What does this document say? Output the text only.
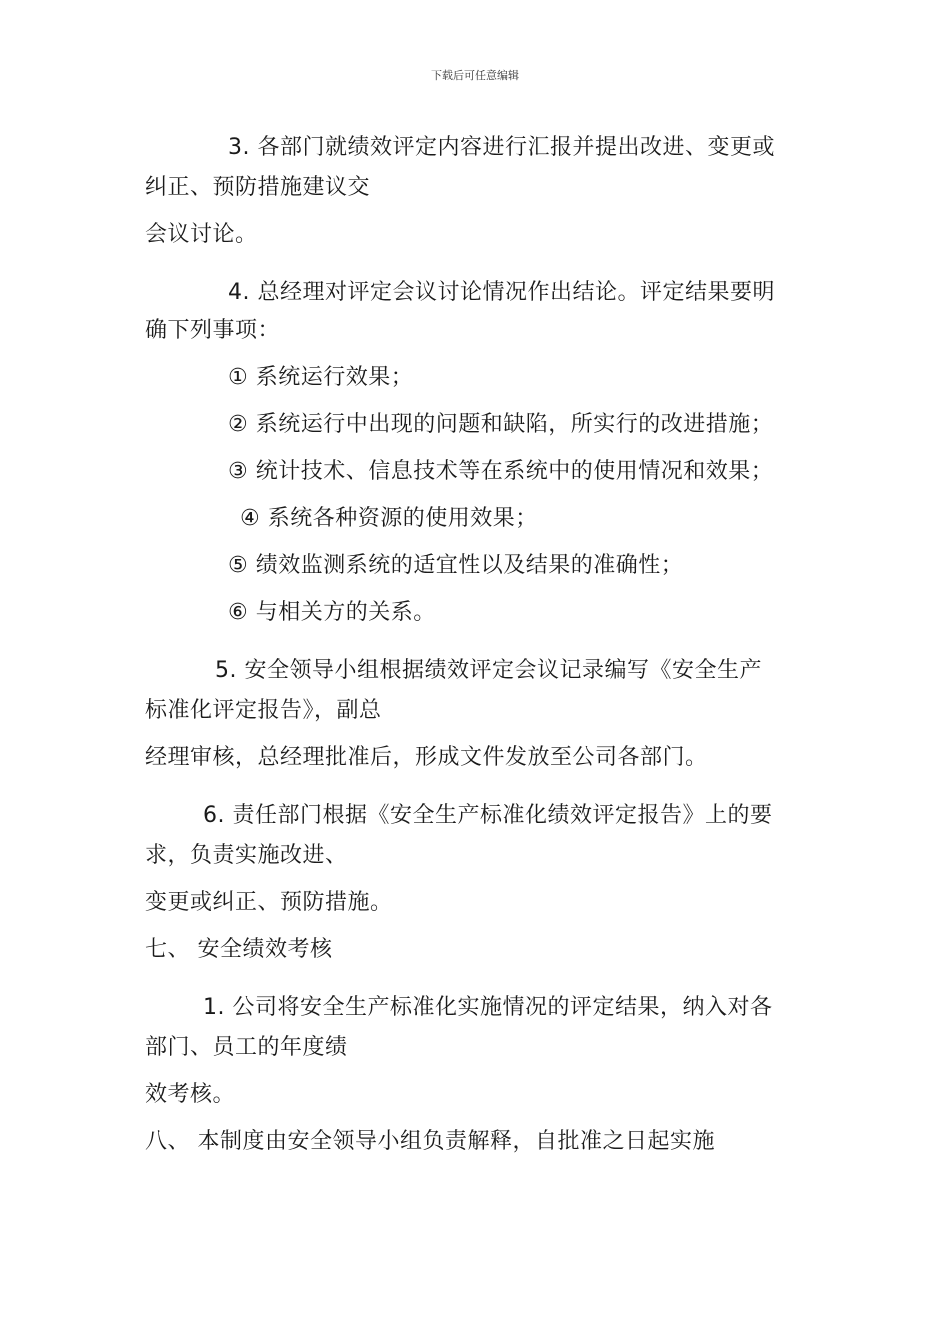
下载后可任意编辑
3. 各部门就绩效评定内容进行汇报并提出改进、变更或
纠正、预防措施建议交
会议讨论。
4. 总经理对评定会议讨论情况作出结论。评定结果要明
确下列事项：
① 系统运行效果；
② 系统运行中出现的问题和缺陷，所实行的改进措施；
③ 统计技术、信息技术等在系统中的使用情况和效果；
④ 系统各种资源的使用效果；
⑤ 绩效监测系统的适宜性以及结果的准确性；
⑥ 与相关方的关系。
5. 安全领导小组根据绩效评定会议记录编写《安全生产
标准化评定报告》，副总
经理审核，总经理批准后，形成文件发放至公司各部门。
6. 责任部门根据《安全生产标准化绩效评定报告》上的要
求，负责实施改进、
变更或纠正、预防措施。
七、 安全绩效考核
1. 公司将安全生产标准化实施情况的评定结果，纳入对各
部门、员工的年度绩
效考核。
八、 本制度由安全领导小组负责解释，自批准之日起实施
